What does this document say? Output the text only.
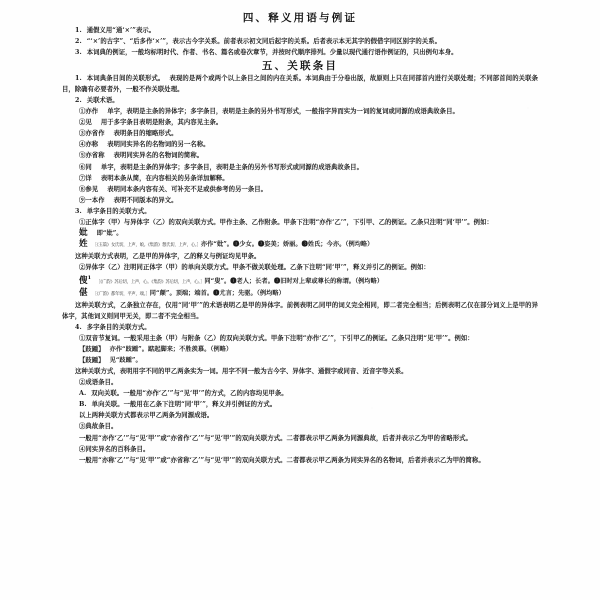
四、释义用语与例证

1. 通假义用“通‘×’”表示。

2. “‘×’的古字”、“后多作‘×’”，表示古今字关系。前者表示初文同后起字的关系。后者表示本无其字的假借字同区别字的关系。

3. 本词典的例证，一般均标明时代、作者、书名、篇名或卷次章节，并按时代顺序排列。少量以现代通行语作例证的，只出例句本身。

五、关联条目

1. 本词典条目间的关联形式。 表现的是两个或两个以上条目之间的内在关系。本词典由于分卷出版，故原则上只在同部首内进行关联处理；不同部首间的关联条目，除确有必要者外，一般不作关联处理。

2. 关联术语。

①亦作 单字，表明是主条的异体字；多字条目，表明是主条的另外书写形式，一般指字异而实为一词的复词或同源的成语典故条目。

②见 用于多字条目表明是附条，其内容见主条。

③亦省作 表明条目的缩略形式。

④亦称 表明同实异名的名物词的另一名称。

⑤亦省称 表明同实异名的名物词的简称。

⑥同 单字，表明是主条的异体字；多字条目，表明是主条的另外书写形式或同源的成语典故条目。

⑦详 表明本条从简，在内容相关的另条详加解释。

⑧参见 表明同本条内容有关、可补充不足或供参考的另一条目。

⑨一本作 表明不同版本的异文。

3. 单字条目的关联方式。

①正体字（甲）与异体字（乙）的双向关联方式。甲作主条、乙作附条。甲条下注明“亦作‘乙’”，下引甲、乙的例证。乙条只注明“同‘甲’”。例如：

妣 即“妣”。

姓 ［《玉篇》女氏切，上声，娘。《集韵》想氏切，上声，心。］亦作“妣”。❶少女。❷姿美；娇丽。❸姓氏；今亦。（例均略）

这种关联方式表明，乙是甲的异体字，乙的释义与例证均见甲条。

②异体字（乙）注明同正体字（甲）的单向关联方式。甲条不做关联处理。乙条下注明“同‘甲’”，释义并引乙的例证。例如：

傁$^1$［《广韵》苏后切，上声，心。《集韵》苏后切，上声，心。］同“叟”。❶老人；长者。❷旧时对上辈或尊长的称谓。（例均略）

偡 ［《广韵》都年切，平声，端。］同“颠”。顶端；端首。❶尤言；先驱。（例均略）

这种关联方式，乙条独立存在，仅用“同‘甲’”的术语表明乙是甲的异体字。前例表明乙同甲的词义完全相同，即二者完全相当；后例表明乙仅在部分词义上是甲的异体字，其他词义则同甲无关，即二者不完全相当。

4. 多字条目的关联方式。

①双音节复词。一般采用主条（甲）与附条（乙）的双向关联方式。甲条下注明“亦作‘乙’”，下引甲乙的例证。乙条只注明“见‘甲’”。例如：

【跂踵】 亦作“跂踵”。踮起脚来；不胜羡慕。（例略）

【跂踵】 见“跂踵”。

这种关联方式，表明用字不同的甲乙两条实为一词。用字不同一般为古今字、异体字、通假字或同音、近音字等关系。

②成语条目。

A. 双向关联。一般用“亦作‘乙’”与“见‘甲’”的方式，乙的内容均见甲条。

B. 单向关联。一般用在乙条下注明“同‘甲’”，释义并引例证的方式。

以上两种关联方式都表示甲乙两条为同源成语。

③典故条目。

一般用“亦作‘乙’”与“见‘甲’”或“亦省作‘乙’”与“见‘甲’”的双向关联方式。二者都表示甲乙两条为同源典故，后者并表示乙为甲的省略形式。

④同实异名的百科条目。

一般用“亦称‘乙’”与“见‘甲’”或“亦省称‘乙’”与“见‘甲’”的双向关联方式。二者都表示甲乙两条为同实异名的名物词，后者并表示乙为甲的简称。
